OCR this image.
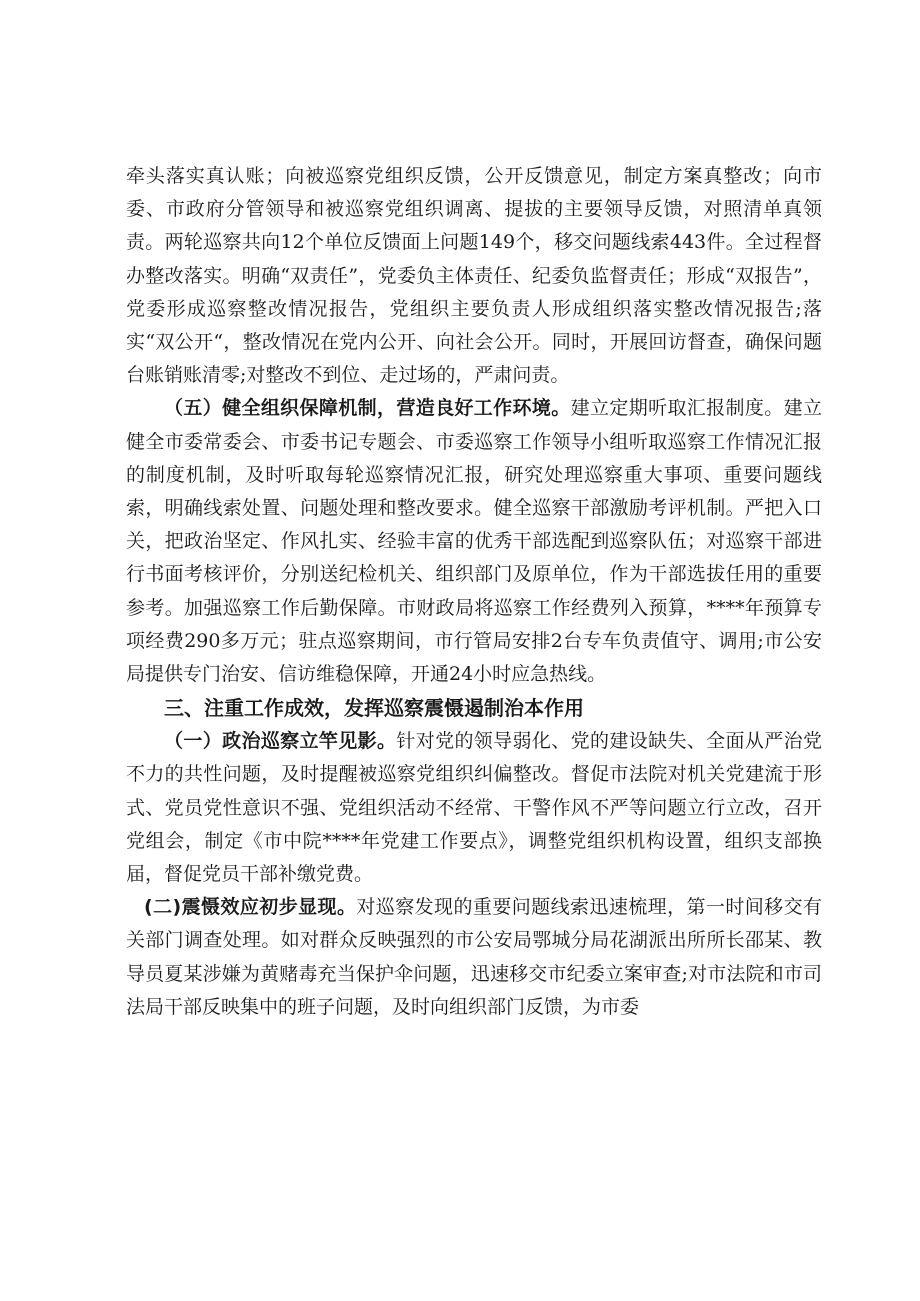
牵头落实真认账；向被巡察党组织反馈，公开反馈意见，制定方案真整改；向市委、市政府分管领导和被巡察党组织调离、提拔的主要领导反馈，对照清单真领责。两轮巡察共向12个单位反馈面上问题149个，移交问题线索443件。全过程督办整改落实。明确“双责任”，党委负主体责任、纪委负监督责任；形成“双报告”，党委形成巡察整改情况报告，党组织主要负责人形成组织落实整改情况报告;落实“双公开“，整改情况在党内公开、向社会公开。同时，开展回访督查，确保问题台账销账清零;对整改不到位、走过场的，严肃问责。

（五）健全组织保障机制，营造良好工作环境。建立定期听取汇报制度。建立健全市委常委会、市委书记专题会、市委巡察工作领导小组听取巡察工作情况汇报的制度机制，及时听取每轮巡察情况汇报，研究处理巡察重大事项、重要问题线索，明确线索处置、问题处理和整改要求。健全巡察干部激励考评机制。严把入口关，把政治坚定、作风扎实、经验丰富的优秀干部选配到巡察队伍；对巡察干部进行书面考核评价，分别送纪检机关、组织部门及原单位，作为干部选拔任用的重要参考。加强巡察工作后勤保障。市财政局将巡察工作经费列入预算，****年预算专项经费290多万元；驻点巡察期间，市行管局安排2台专车负责值守、调用;市公安局提供专门治安、信访维稳保障，开通24小时应急热线。

三、注重工作成效，发挥巡察震慑遏制治本作用

（一）政治巡察立竿见影。针对党的领导弱化、党的建设缺失、全面从严治党不力的共性问题，及时提醒被巡察党组织纠偏整改。督促市法院对机关党建流于形式、党员党性意识不强、党组织活动不经常、干警作风不严等问题立行立改，召开党组会，制定《市中院****年党建工作要点》，调整党组织机构设置，组织支部换届，督促党员干部补缴党费。

(二)震慑效应初步显现。对巡察发现的重要问题线索迅速梳理，第一时间移交有关部门调查处理。如对群众反映强烈的市公安局鄂城分局花湖派出所所长邵某、教导员夏某涉嫌为黄赌毒充当保护伞问题，迅速移交市纪委立案审查;对市法院和市司法局干部反映集中的班子问题，及时向组织部门反馈，为市委
